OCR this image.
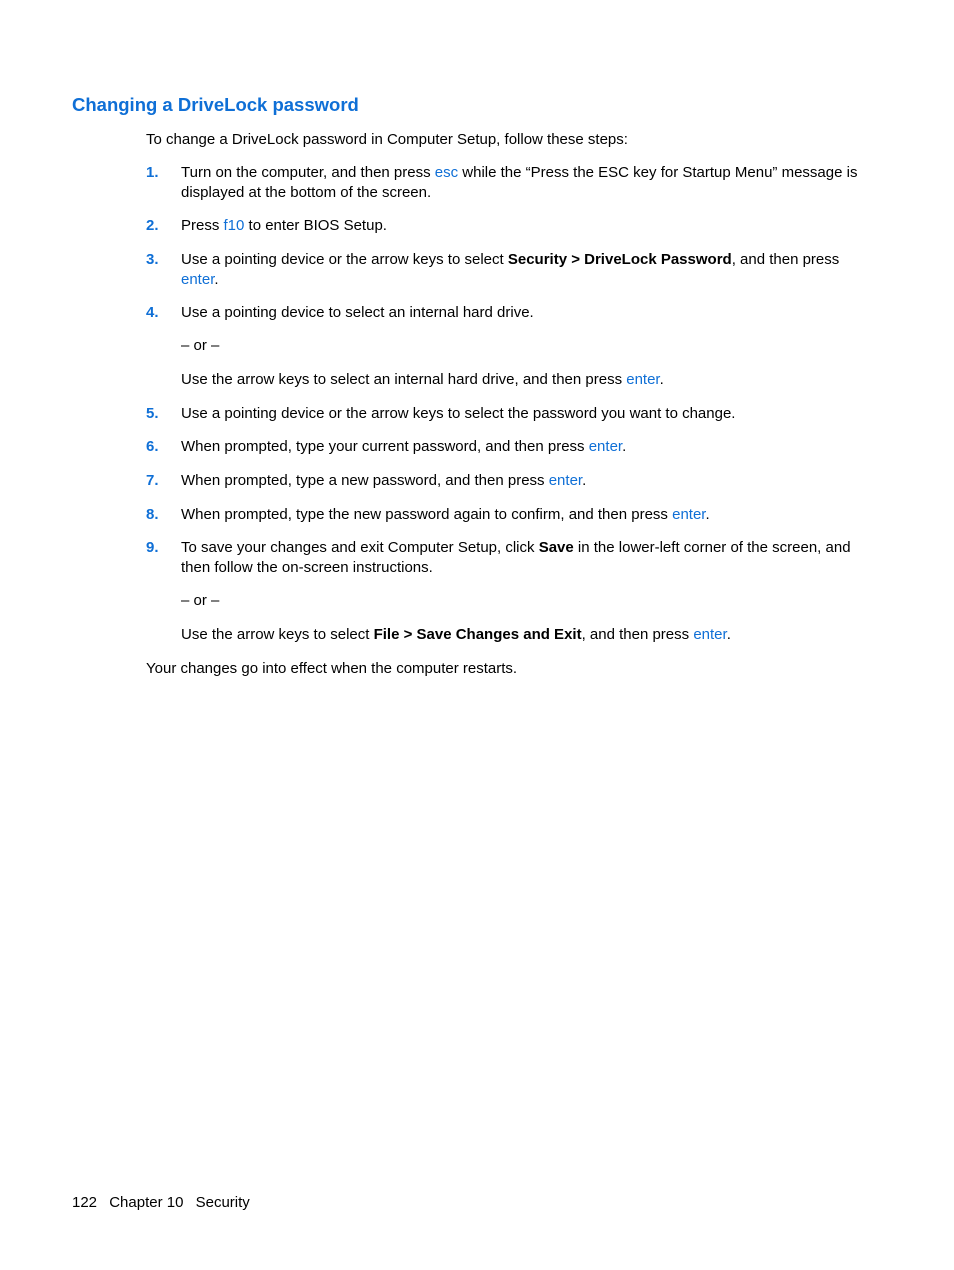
Changing a DriveLock password
To change a DriveLock password in Computer Setup, follow these steps:
1. Turn on the computer, and then press esc while the “Press the ESC key for Startup Menu” message is displayed at the bottom of the screen.
2. Press f10 to enter BIOS Setup.
3. Use a pointing device or the arrow keys to select Security > DriveLock Password, and then press enter.
4. Use a pointing device to select an internal hard drive.
– or –
Use the arrow keys to select an internal hard drive, and then press enter.
5. Use a pointing device or the arrow keys to select the password you want to change.
6. When prompted, type your current password, and then press enter.
7. When prompted, type a new password, and then press enter.
8. When prompted, type the new password again to confirm, and then press enter.
9. To save your changes and exit Computer Setup, click Save in the lower-left corner of the screen, and then follow the on-screen instructions.
– or –
Use the arrow keys to select File > Save Changes and Exit, and then press enter.
Your changes go into effect when the computer restarts.
122 Chapter 10 Security
